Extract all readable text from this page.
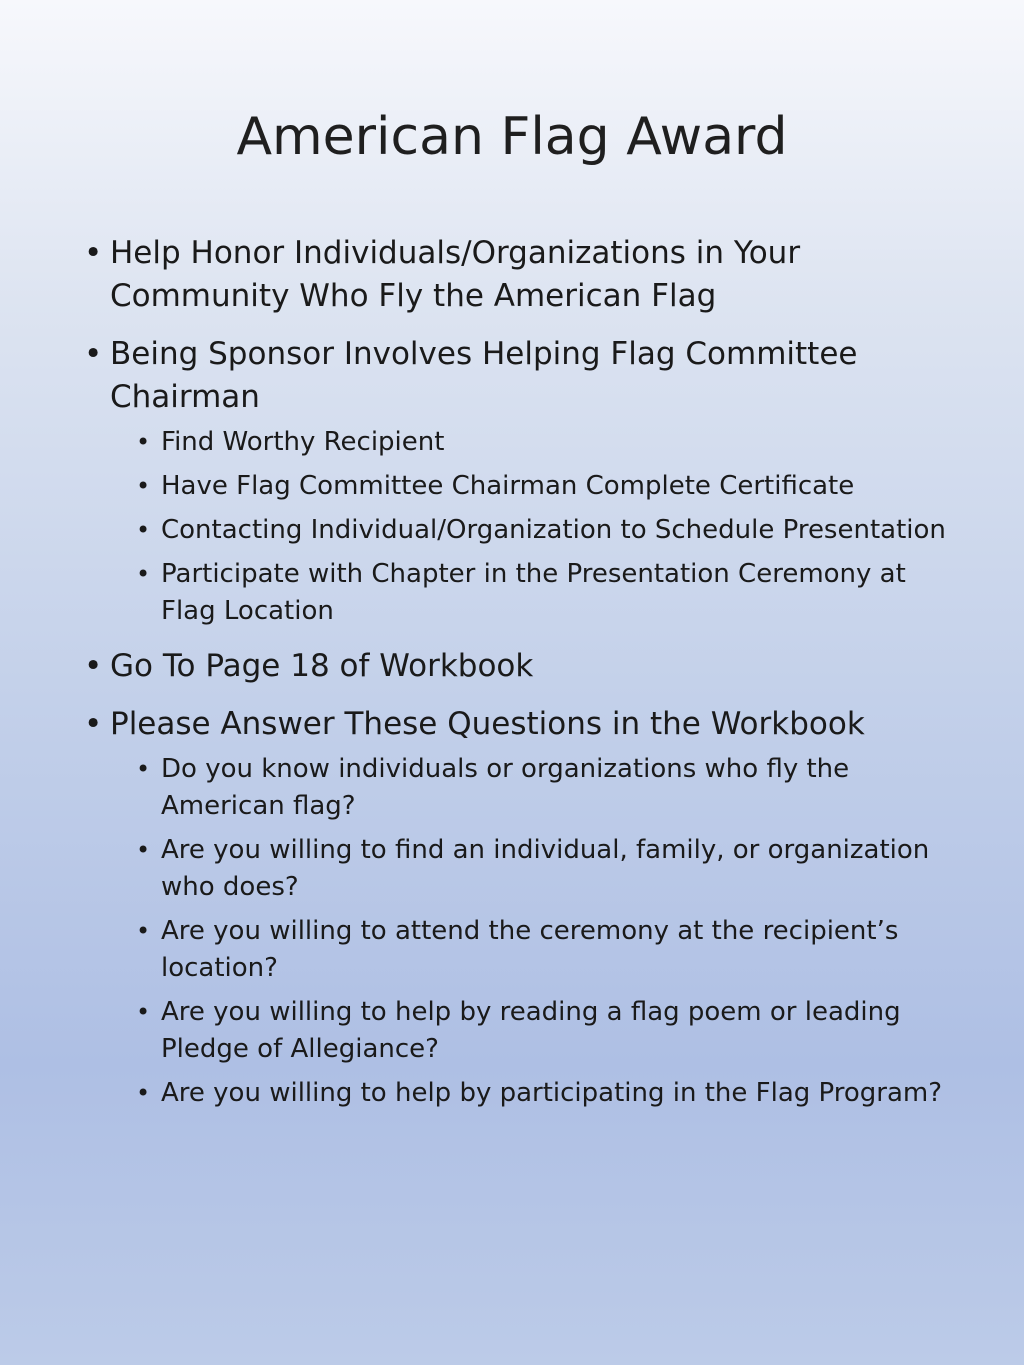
American Flag Award
• Help Honor Individuals/Organizations in Your Community Who Fly the American Flag
• Being Sponsor Involves Helping Flag Committee Chairman
• Find Worthy Recipient
• Have Flag Committee Chairman Complete Certificate
• Contacting Individual/Organization to Schedule Presentation
• Participate with Chapter in the Presentation Ceremony at Flag Location
• Go To Page 18 of Workbook
• Please Answer These Questions in the Workbook
• Do you know individuals or organizations who fly the American flag?
• Are you willing to find an individual, family, or organization who does?
• Are you willing to attend the ceremony at the recipient’s location?
• Are you willing to help by reading a flag poem or leading Pledge of Allegiance?
• Are you willing to help by participating in the Flag Program?
